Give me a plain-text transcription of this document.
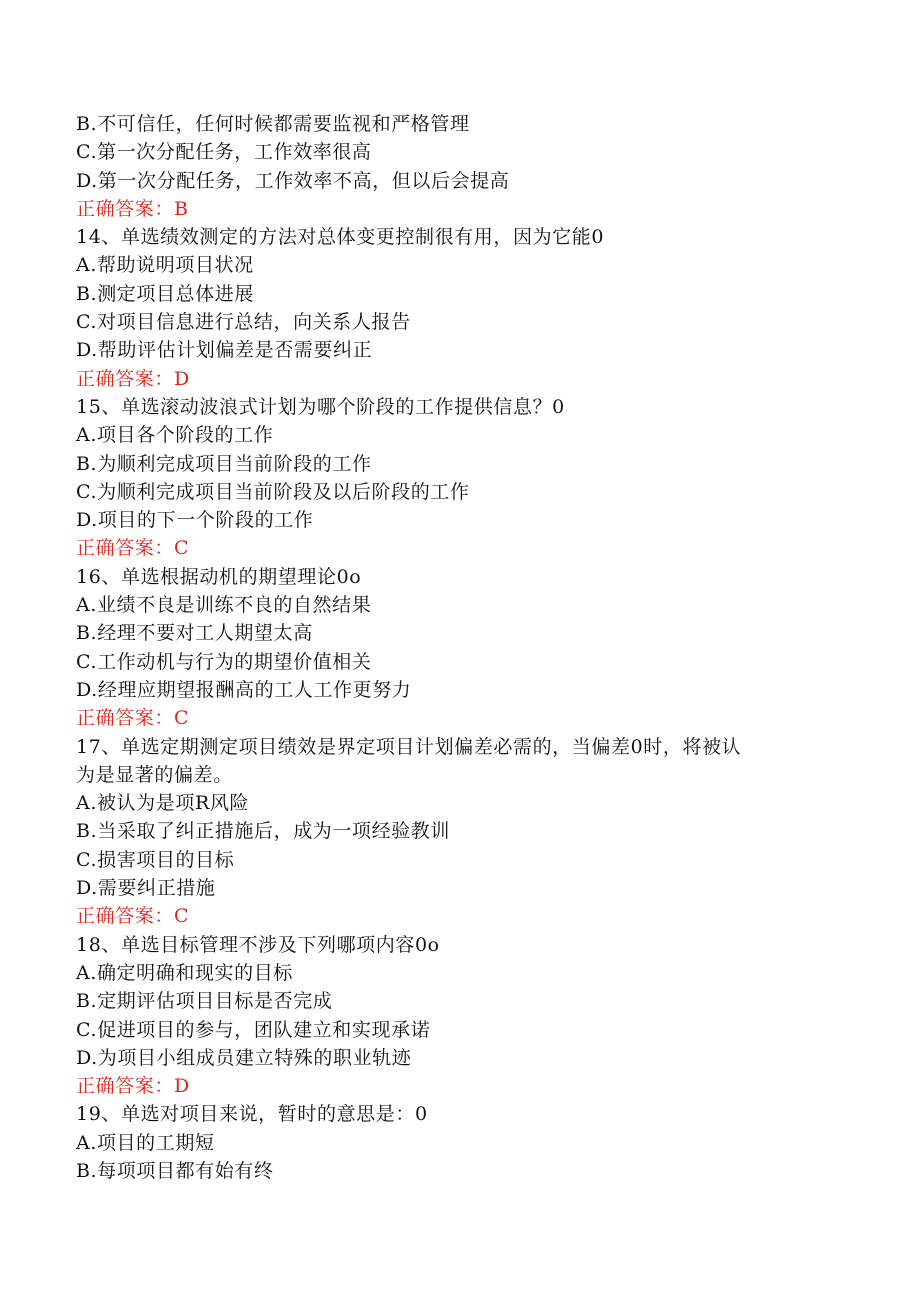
B.不可信任，任何时候都需要监视和严格管理
C.第一次分配任务，工作效率很高
D.第一次分配任务，工作效率不高，但以后会提高
正确答案：B
14、单选绩效测定的方法对总体变更控制很有用，因为它能0
A.帮助说明项目状况
B.测定项目总体进展
C.对项目信息进行总结，向关系人报告
D.帮助评估计划偏差是否需要纠正
正确答案：D
15、单选滚动波浪式计划为哪个阶段的工作提供信息？0
A.项目各个阶段的工作
B.为顺利完成项目当前阶段的工作
C.为顺利完成项目当前阶段及以后阶段的工作
D.项目的下一个阶段的工作
正确答案：C
16、单选根据动机的期望理论0o
A.业绩不良是训练不良的自然结果
B.经理不要对工人期望太高
C.工作动机与行为的期望价值相关
D.经理应期望报酬高的工人工作更努力
正确答案：C
17、单选定期测定项目绩效是界定项目计划偏差必需的，当偏差0时，将被认
为是显著的偏差。
A.被认为是项R风险
B.当采取了纠正措施后，成为一项经验教训
C.损害项目的目标
D.需要纠正措施
正确答案：C
18、单选目标管理不涉及下列哪项内容0o
A.确定明确和现实的目标
B.定期评估项目目标是否完成
C.促进项目的参与，团队建立和实现承诺
D.为项目小组成员建立特殊的职业轨迹
正确答案：D
19、单选对项目来说，暂时的意思是：0
A.项目的工期短
B.每项项目都有始有终
